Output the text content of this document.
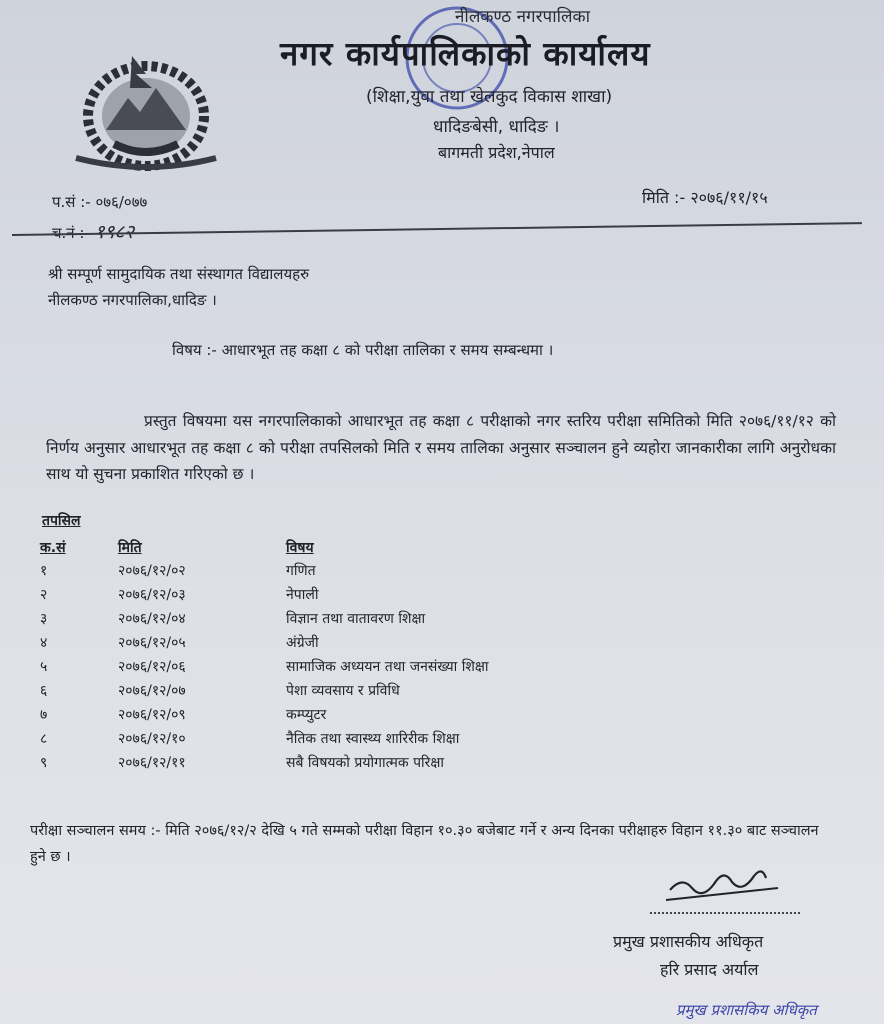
नीलकण्ठ नगरपालिका
नगर कार्यपालिकाको कार्यालय
(शिक्षा,युवा तथा खेलकुद विकास शाखा)
धादिङबेसी, धादिङ ।
बागमती प्रदेश,नेपाल
प.सं :- ०७६/०७७	मिति :- २०७६/११/१५
श्री सम्पूर्ण सामुदायिक तथा संस्थागत विद्यालयहरु
नीलकण्ठ नगरपालिका,धादिङ ।
विषय :- आधारभूत तह कक्षा ८ को परीक्षा तालिका र समय सम्बन्धमा ।
प्रस्तुत विषयमा यस नगरपालिकाको आधारभूत तह कक्षा ८ परीक्षाको नगर स्तरिय परीक्षा समितिको मिति २०७६/११/१२ को निर्णय अनुसार आधारभूत तह कक्षा ८ को परीक्षा तपसिलको मिति र समय तालिका अनुसार सञ्चालन हुने व्यहोरा जानकारीका लागि अनुरोधका साथ यो सुचना प्रकाशित गरिएको छ ।
तपसिल
क.सं	मिति	विषय
१	२०७६/१२/०२	गणित
२	२०७६/१२/०३	नेपाली
३	२०७६/१२/०४	विज्ञान तथा वातावरण शिक्षा
४	२०७६/१२/०५	अंग्रेजी
५	२०७६/१२/०६	सामाजिक अध्ययन तथा जनसंख्या शिक्षा
६	२०७६/१२/०७	पेशा व्यवसाय र प्रविधि
७	२०७६/१२/०९	कम्प्युटर
८	२०७६/१२/१०	नैतिक तथा स्वास्थ्य शारिरीक शिक्षा
९	२०७६/१२/११	सबै विषयको प्रयोगात्मक परिक्षा
परीक्षा सञ्चालन समय :- मिति २०७६/१२/२ देखि ५ गते सम्मको परीक्षा विहान १०.३० बजेबाट गर्ने र अन्य दिनका परीक्षाहरु विहान ११.३० बाट सञ्चालन हुने छ ।
प्रमुख प्रशासकीय अधिकृत
हरि प्रसाद अर्याल
प्रमुख प्रशासकिय अधिकृत
